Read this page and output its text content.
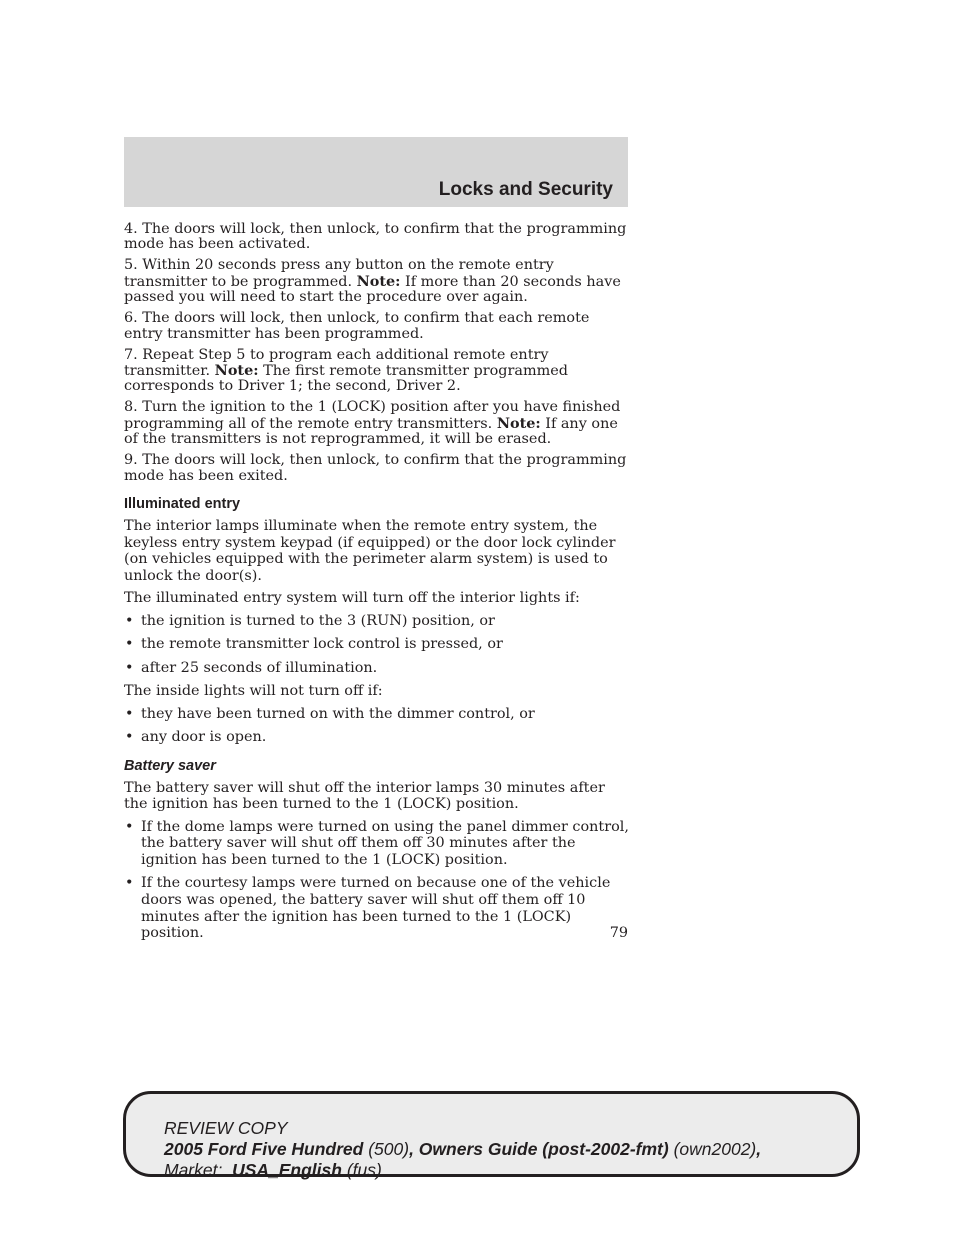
Locks and Security

4. The doors will lock, then unlock, to confirm that the programming mode has been activated.

5. Within 20 seconds press any button on the remote entry transmitter to be programmed. Note: If more than 20 seconds have passed you will need to start the procedure over again.

6. The doors will lock, then unlock, to confirm that each remote entry transmitter has been programmed.

7. Repeat Step 5 to program each additional remote entry transmitter. Note: The first remote transmitter programmed corresponds to Driver 1; the second, Driver 2.

8. Turn the ignition to the 1 (LOCK) position after you have finished programming all of the remote entry transmitters. Note: If any one of the transmitters is not reprogrammed, it will be erased.

9. The doors will lock, then unlock, to confirm that the programming mode has been exited.

Illuminated entry

The interior lamps illuminate when the remote entry system, the keyless entry system keypad (if equipped) or the door lock cylinder (on vehicles equipped with the perimeter alarm system) is used to unlock the door(s).

The illuminated entry system will turn off the interior lights if:

• the ignition is turned to the 3 (RUN) position, or
• the remote transmitter lock control is pressed, or
• after 25 seconds of illumination.

The inside lights will not turn off if:

• they have been turned on with the dimmer control, or
• any door is open.
Battery saver

The battery saver will shut off the interior lamps 30 minutes after the ignition has been turned to the 1 (LOCK) position.

• If the dome lamps were turned on using the panel dimmer control, the battery saver will shut off them off 30 minutes after the ignition has been turned to the 1 (LOCK) position.
• If the courtesy lamps were turned on because one of the vehicle doors was opened, the battery saver will shut off them off 10 minutes after the ignition has been turned to the 1 (LOCK) position.	79
REVIEW COPY
2005 Ford Five Hundred (500), Owners Guide (post-2002-fmt) (own2002),
Market:  USA_English (fus)
